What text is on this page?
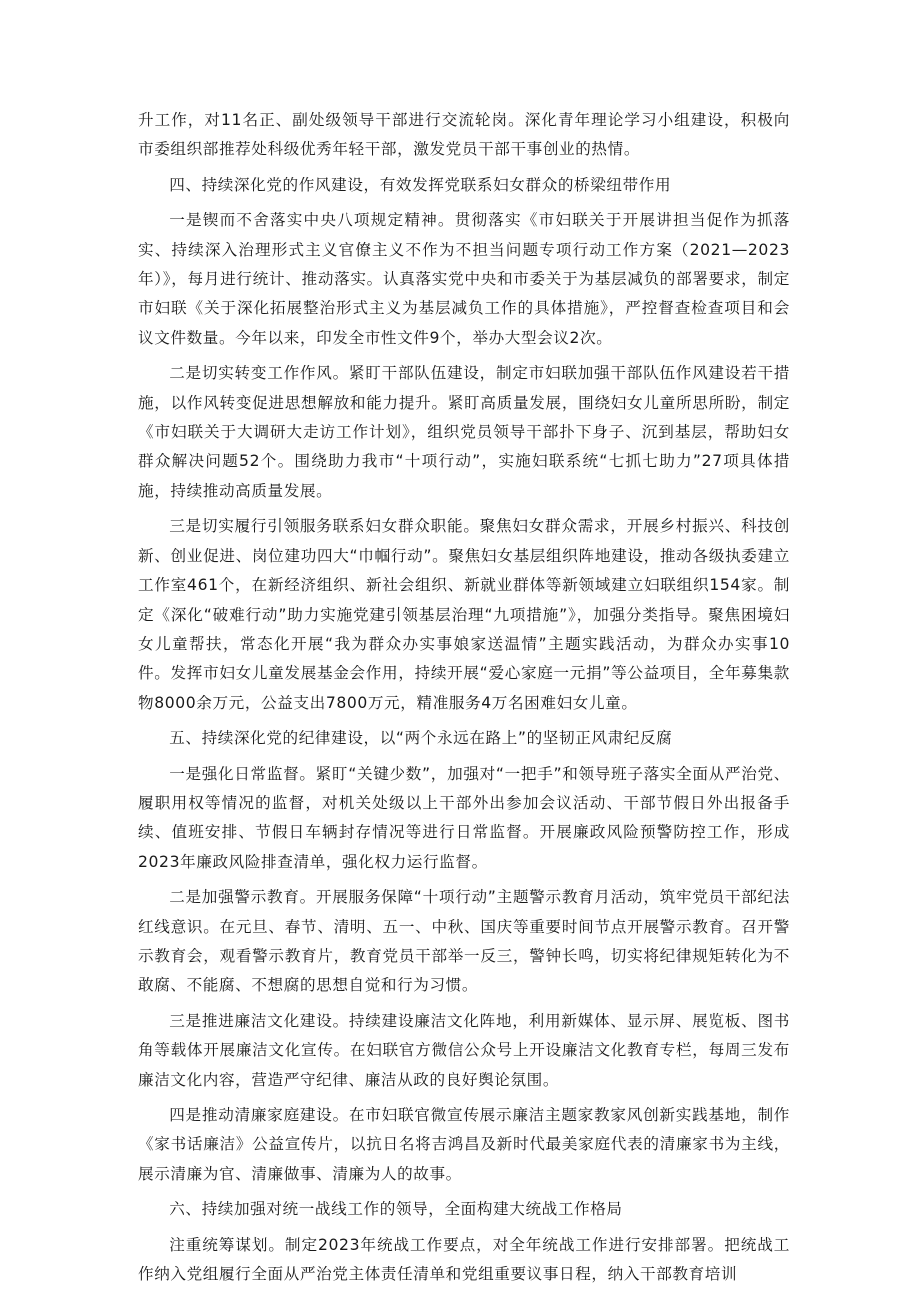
升工作，对11名正、副处级领导干部进行交流轮岗。深化青年理论学习小组建设，积极向市委组织部推荐处科级优秀年轻干部，激发党员干部干事创业的热情。

四、持续深化党的作风建设，有效发挥党联系妇女群众的桥梁纽带作用

一是锲而不舍落实中央八项规定精神。贯彻落实《市妇联关于开展讲担当促作为抓落实、持续深入治理形式主义官僚主义不作为不担当问题专项行动工作方案（2021—2023年）》，每月进行统计、推动落实。认真落实党中央和市委关于为基层减负的部署要求，制定市妇联《关于深化拓展整治形式主义为基层减负工作的具体措施》，严控督查检查项目和会议文件数量。今年以来，印发全市性文件9个，举办大型会议2次。

二是切实转变工作作风。紧盯干部队伍建设，制定市妇联加强干部队伍作风建设若干措施，以作风转变促进思想解放和能力提升。紧盯高质量发展，围绕妇女儿童所思所盼，制定《市妇联关于大调研大走访工作计划》，组织党员领导干部扑下身子、沉到基层，帮助妇女群众解决问题52个。围绕助力我市“十项行动”，实施妇联系统“七抓七助力”27项具体措施，持续推动高质量发展。

三是切实履行引领服务联系妇女群众职能。聚焦妇女群众需求，开展乡村振兴、科技创新、创业促进、岗位建功四大“巾帼行动”。聚焦妇女基层组织阵地建设，推动各级执委建立工作室461个，在新经济组织、新社会组织、新就业群体等新领域建立妇联组织154家。制定《深化“破难行动”助力实施党建引领基层治理“九项措施”》，加强分类指导。聚焦困境妇女儿童帮扶，常态化开展“我为群众办实事娘家送温情”主题实践活动，为群众办实事10件。发挥市妇女儿童发展基金会作用，持续开展“爱心家庭一元捐”等公益项目，全年募集款物8000余万元，公益支出7800万元，精准服务4万名困难妇女儿童。

五、持续深化党的纪律建设，以“两个永远在路上”的坚韧正风肃纪反腐

一是强化日常监督。紧盯“关键少数”，加强对“一把手”和领导班子落实全面从严治党、履职用权等情况的监督，对机关处级以上干部外出参加会议活动、干部节假日外出报备手续、值班安排、节假日车辆封存情况等进行日常监督。开展廉政风险预警防控工作，形成2023年廉政风险排查清单，强化权力运行监督。

二是加强警示教育。开展服务保障“十项行动”主题警示教育月活动，筑牢党员干部纪法红线意识。在元旦、春节、清明、五一、中秋、国庆等重要时间节点开展警示教育。召开警示教育会，观看警示教育片，教育党员干部举一反三，警钟长鸣，切实将纪律规矩转化为不敢腐、不能腐、不想腐的思想自觉和行为习惯。

三是推进廉洁文化建设。持续建设廉洁文化阵地，利用新媒体、显示屏、展览板、图书角等载体开展廉洁文化宣传。在妇联官方微信公众号上开设廉洁文化教育专栏，每周三发布廉洁文化内容，营造严守纪律、廉洁从政的良好舆论氛围。

四是推动清廉家庭建设。在市妇联官微宣传展示廉洁主题家教家风创新实践基地，制作《家书话廉洁》公益宣传片，以抗日名将吉鸿昌及新时代最美家庭代表的清廉家书为主线，展示清廉为官、清廉做事、清廉为人的故事。

六、持续加强对统一战线工作的领导，全面构建大统战工作格局

注重统筹谋划。制定2023年统战工作要点，对全年统战工作进行安排部署。把统战工作纳入党组履行全面从严治党主体责任清单和党组重要议事日程，纳入干部教育培训
